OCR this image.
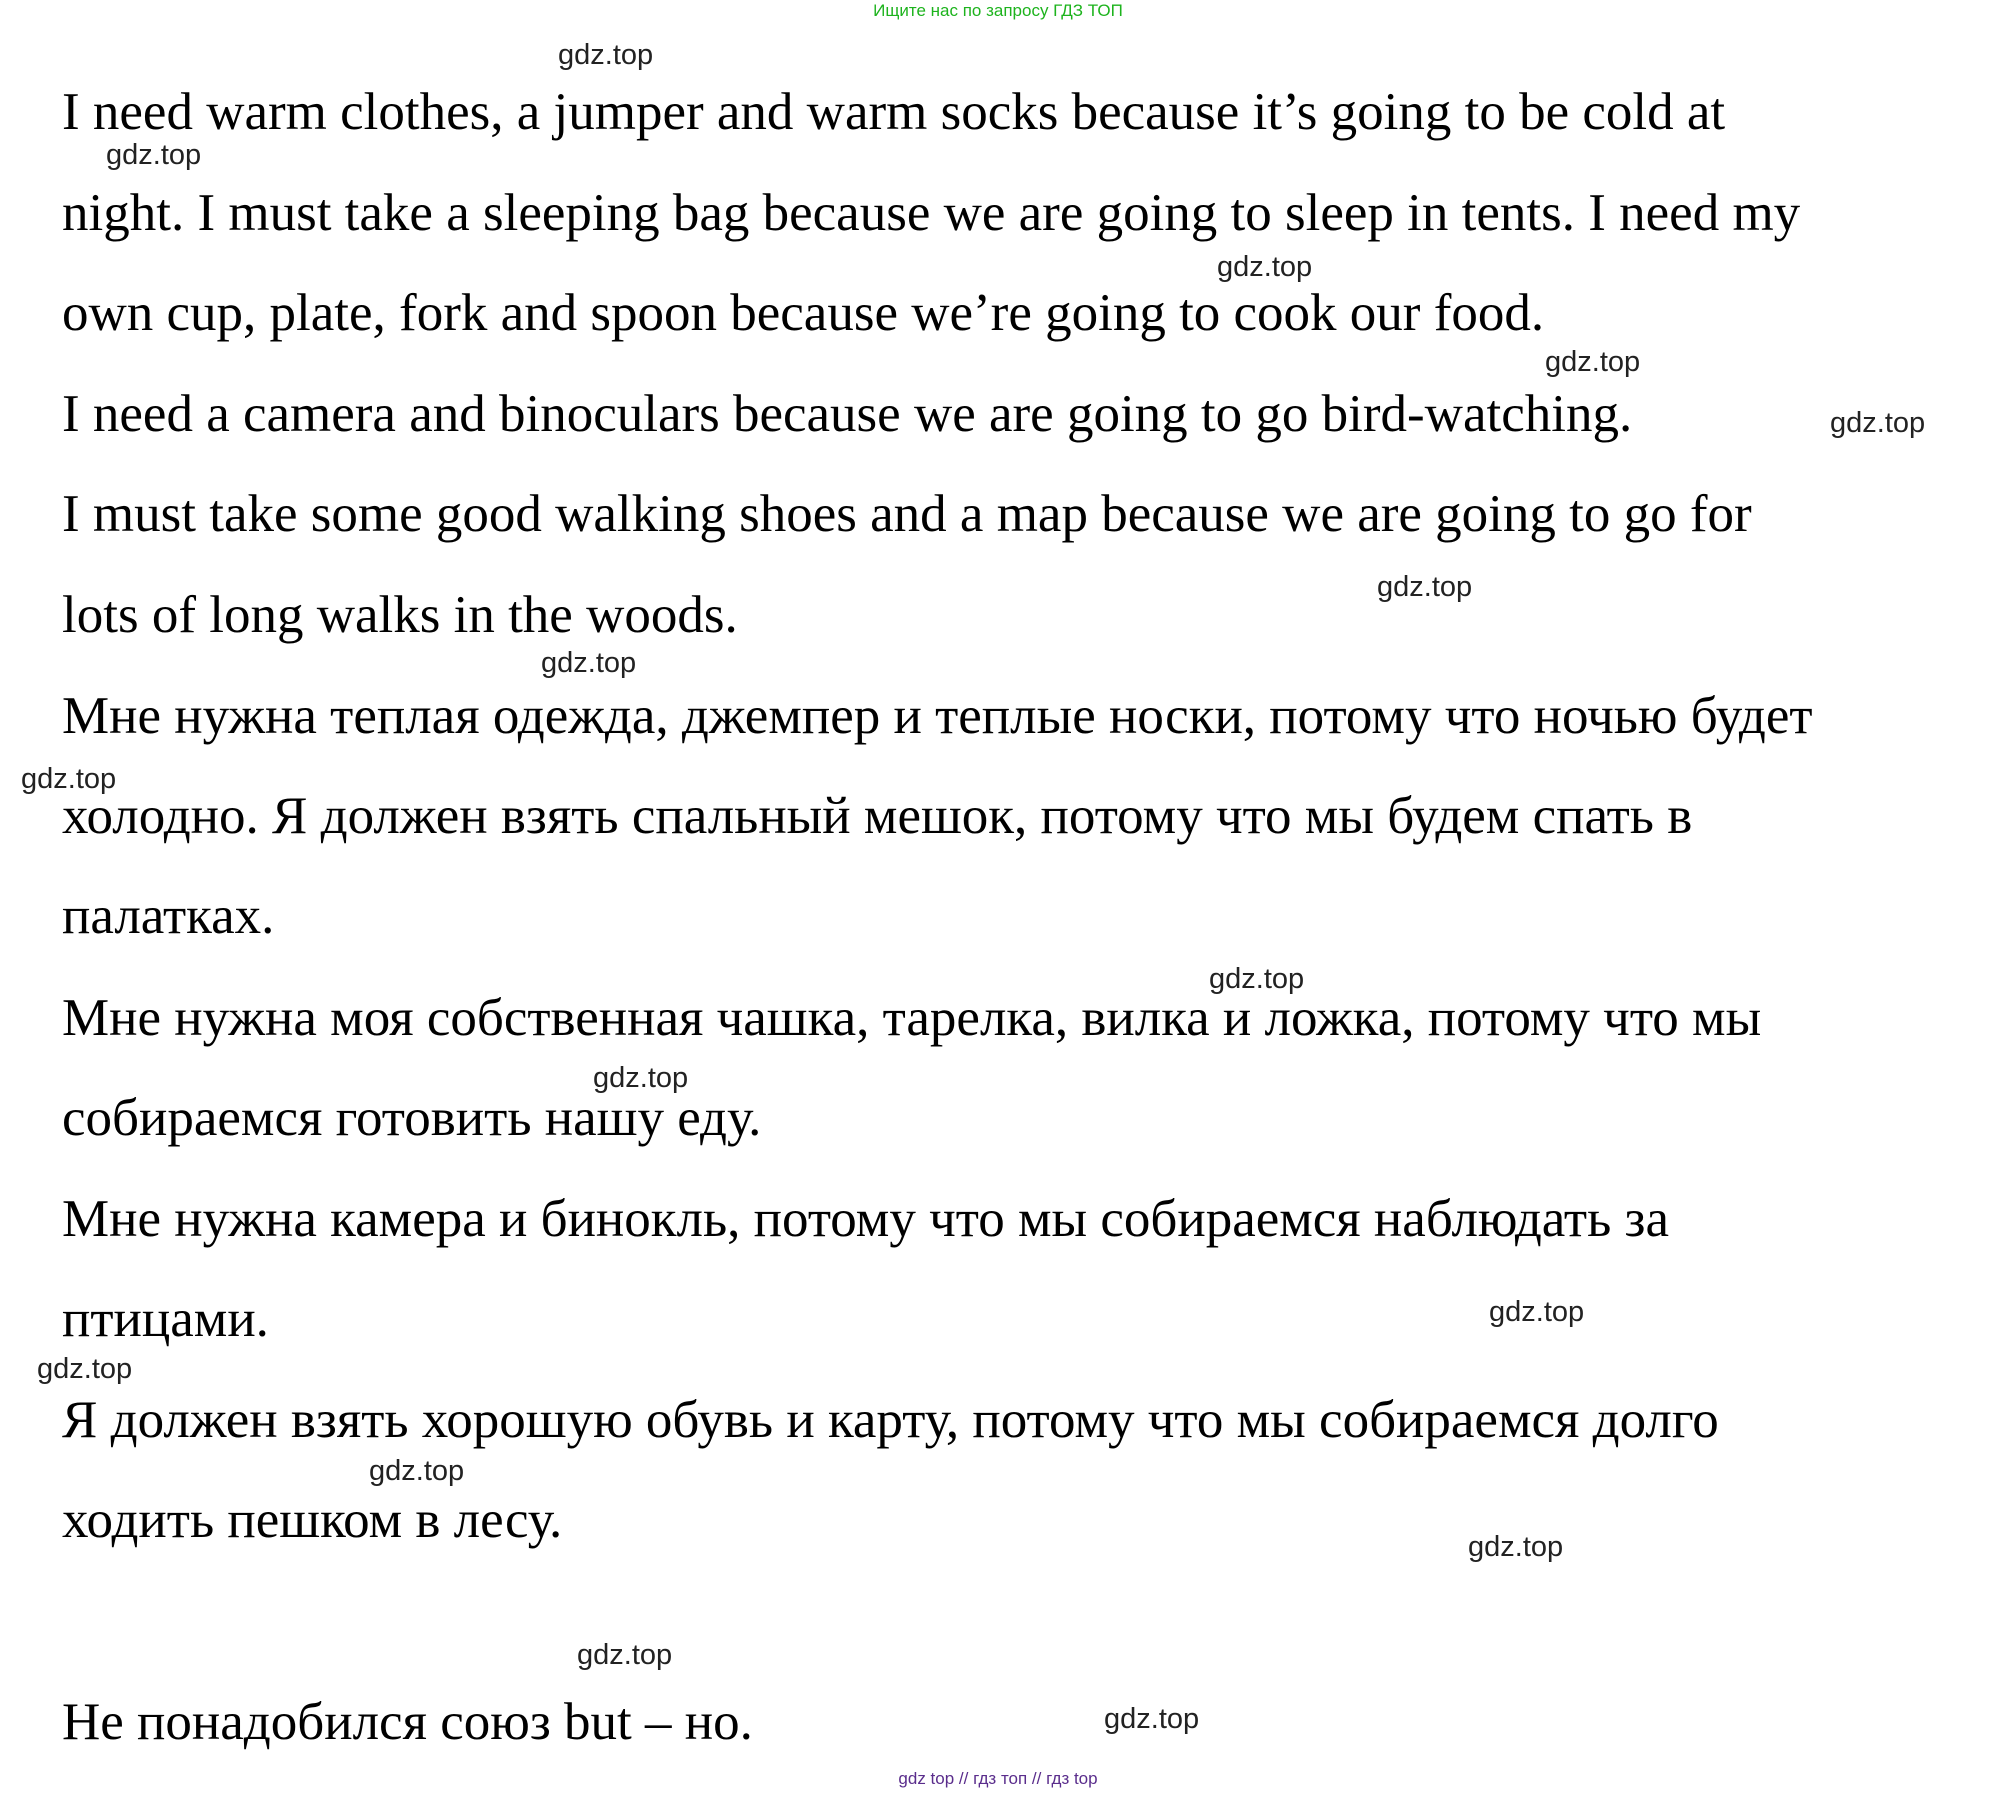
Ищите нас по запросу ГДЗ ТОП
I need warm clothes, a jumper and warm socks because it’s going to be cold at
night. I must take a sleeping bag because we are going to sleep in tents. I need my
own cup, plate, fork and spoon because we’re going to cook our food.
I need a camera and binoculars because we are going to go bird-watching.
I must take some good walking shoes and a map because we are going to go for
lots of long walks in the woods.
Мне нужна теплая одежда, джемпер и теплые носки, потому что ночью будет
холодно. Я должен взять спальный мешок, потому что мы будем спать в
палатках.
Мне нужна моя собственная чашка, тарелка, вилка и ложка, потому что мы
собираемся готовить нашу еду.
Мне нужна камера и бинокль, потому что мы собираемся наблюдать за
птицами.
Я должен взять хорошую обувь и карту, потому что мы собираемся долго
ходить пешком в лесу.
Не понадобился союз but – но.
gdz.top
gdz.top
gdz.top
gdz.top
gdz.top
gdz.top
gdz.top
gdz.top
gdz.top
gdz.top
gdz.top
gdz.top
gdz.top
gdz.top
gdz.top
gdz.top
gdz top // гдз топ // гдз top
